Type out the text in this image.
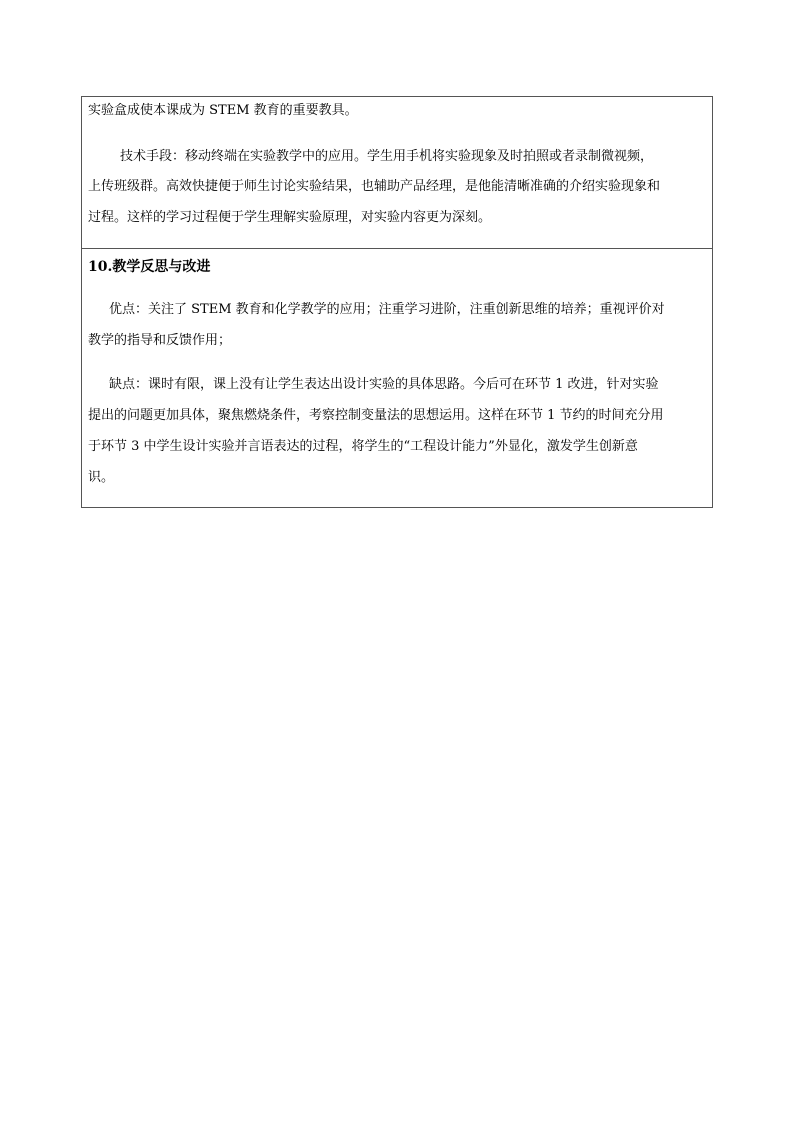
实验盒成使本课成为 STEM 教育的重要教具。
技术手段：移动终端在实验教学中的应用。学生用手机将实验现象及时拍照或者录制微视频，
上传班级群。高效快捷便于师生讨论实验结果，也辅助产品经理，是他能清晰准确的介绍实验现象和
过程。这样的学习过程便于学生理解实验原理，对实验内容更为深刻。
10.教学反思与改进
优点：关注了 STEM 教育和化学教学的应用；注重学习进阶，注重创新思维的培养；重视评价对
教学的指导和反馈作用；
缺点：课时有限，课上没有让学生表达出设计实验的具体思路。今后可在环节 1 改进，针对实验
提出的问题更加具体，聚焦燃烧条件，考察控制变量法的思想运用。这样在环节 1 节约的时间充分用
于环节 3 中学生设计实验并言语表达的过程，将学生的“工程设计能力”外显化，激发学生创新意
识。
